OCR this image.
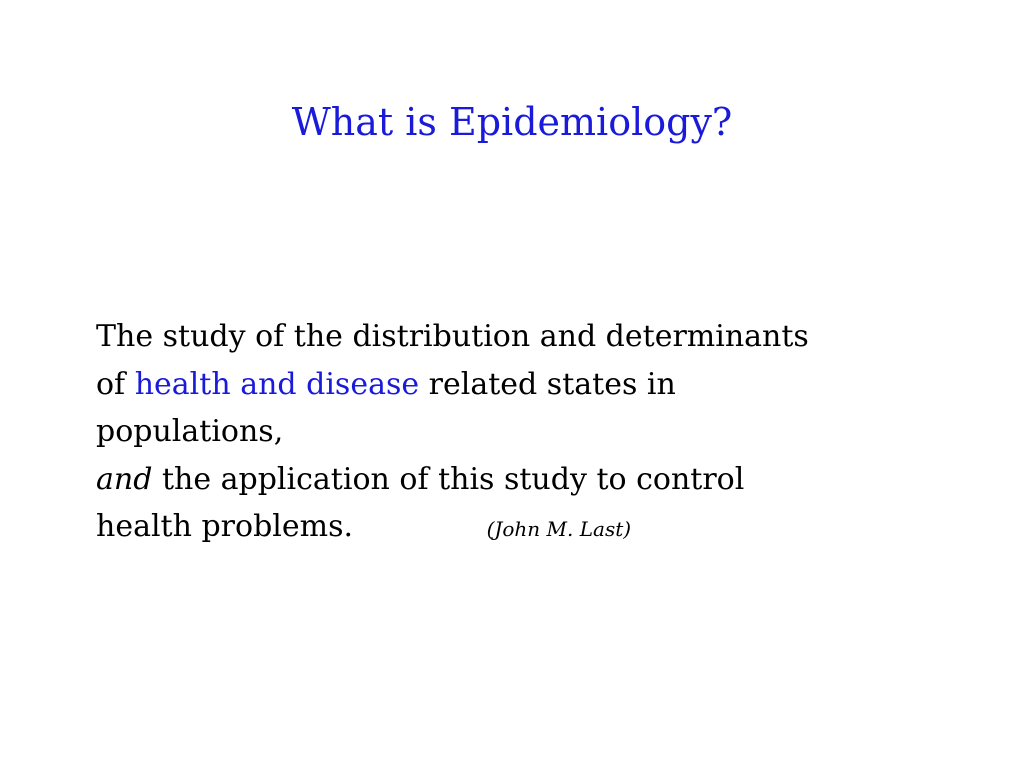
What is Epidemiology?
The study of the distribution and determinants
of health and disease related states in
populations,
and the application of this study to control
health problems.	(John M. Last)
